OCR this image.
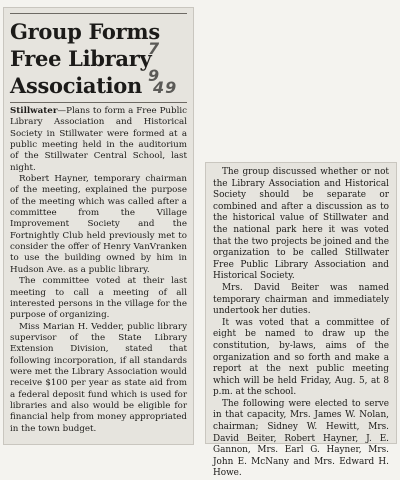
Group Forms
Free Library
7
9
Association 49

Stillwater—Plans to form a Free Public Library Association and Historical Society in Stillwater were formed at a public meeting held in the auditorium of the Stillwater Central School, last night.

Robert Hayner, temporary chairman of the meeting, explained the purpose of the meeting which was called after a committee from the Village Improvement Society and the Fortnightly Club held previously met to consider the offer of Henry VanVranken to use the building owned by him in Hudson Ave. as a public library.

The committee voted at their last meeting to call a meeting of all interested persons in the village for the purpose of organizing.

Miss Marian H. Vedder, public library supervisor of the State Library Extension Division, stated that following incorporation, if all standards were met the Library Association would receive $100 per year as state aid from a federal deposit fund which is used for libraries and also would be eligible for financial help from money appropriated in the town budget.

The group discussed whether or not the Library Association and Historical Society should be separate or combined and after a discussion as to the historical value of Stillwater and the national park here it was voted that the two projects be joined and the organization to be called Stillwater Free Public Library Association and Historical Society.

Mrs. David Beiter was named temporary chairman and immediately undertook her duties.

It was voted that a committee of eight be named to draw up the constitution, by-laws, aims of the organization and so forth and make a report at the next public meeting which will be held Friday, Aug. 5, at 8 p.m. at the school.

The following were elected to serve in that capacity, Mrs. James W. Nolan, chairman; Sidney W. Hewitt, Mrs. David Beiter, Robert Hayner, J. E. Gannon, Mrs. Earl G. Hayner, Mrs. John E. McNany and Mrs. Edward H. Howe.
